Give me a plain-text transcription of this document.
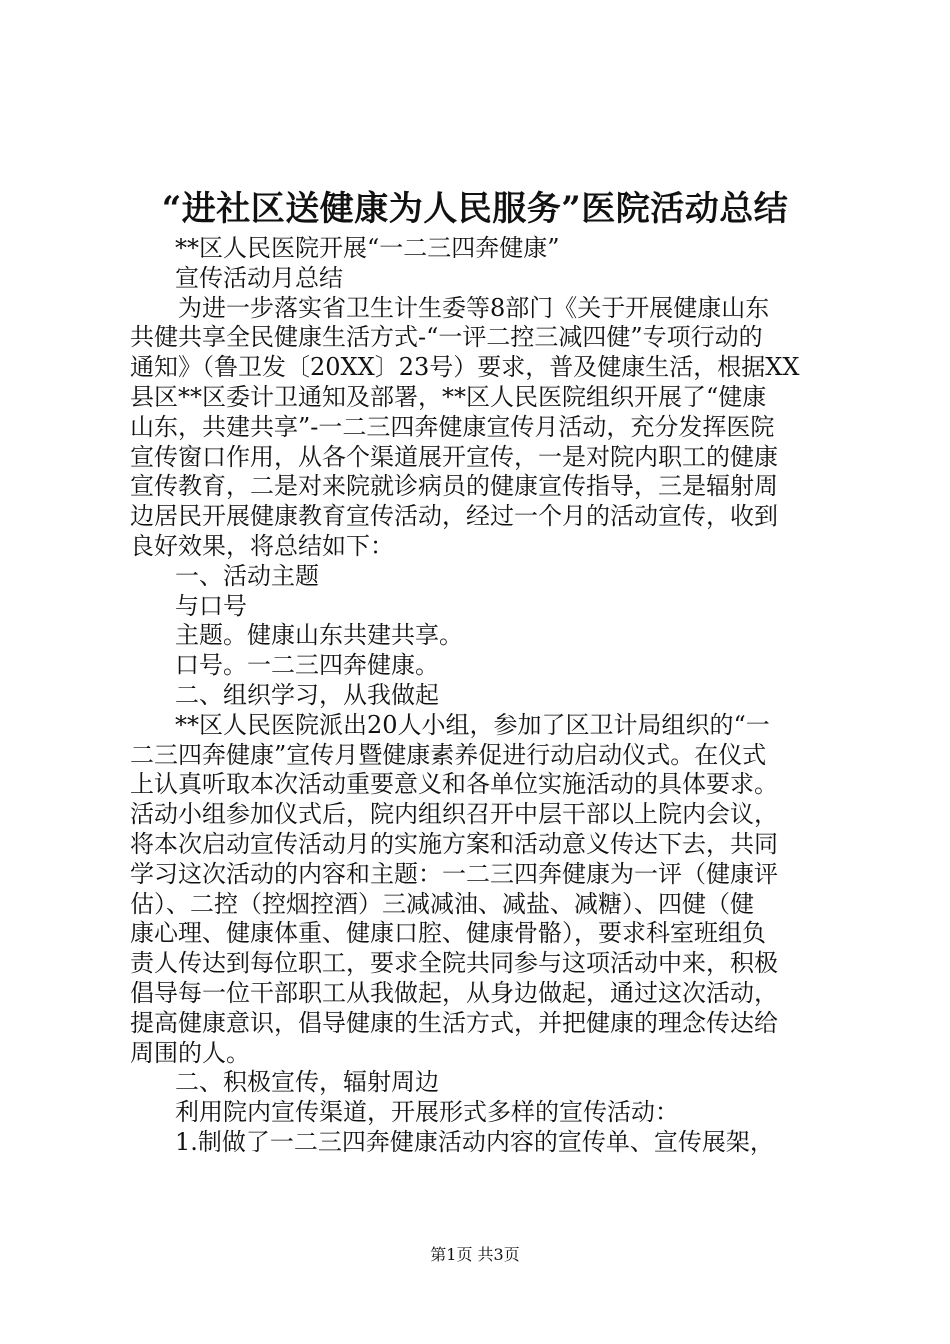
“进社区送健康为人民服务”医院活动总结
**区人民医院开展“一二三四奔健康”
宣传活动月总结
为进一步落实省卫生计生委等8部门《关于开展健康山东
共健共享全民健康生活方式-“一评二控三减四健”专项行动的
通知》（鲁卫发〔20XX〕23号）要求，普及健康生活，根据XX
县区**区委计卫通知及部署，**区人民医院组织开展了“健康
山东，共建共享”-一二三四奔健康宣传月活动，充分发挥医院
宣传窗口作用，从各个渠道展开宣传，一是对院内职工的健康
宣传教育，二是对来院就诊病员的健康宣传指导，三是辐射周
边居民开展健康教育宣传活动，经过一个月的活动宣传，收到
良好效果，将总结如下：
一、活动主题
与口号
主题。健康山东共建共享。
口号。一二三四奔健康。
二、组织学习，从我做起
**区人民医院派出20人小组，参加了区卫计局组织的“一
二三四奔健康”宣传月暨健康素养促进行动启动仪式。在仪式
上认真听取本次活动重要意义和各单位实施活动的具体要求。
活动小组参加仪式后，院内组织召开中层干部以上院内会议，
将本次启动宣传活动月的实施方案和活动意义传达下去，共同
学习这次活动的内容和主题：一二三四奔健康为一评（健康评
估）、二控（控烟控酒）三减减油、减盐、减糖）、四健（健
康心理、健康体重、健康口腔、健康骨骼），要求科室班组负
责人传达到每位职工，要求全院共同参与这项活动中来，积极
倡导每一位干部职工从我做起，从身边做起，通过这次活动，
提高健康意识，倡导健康的生活方式，并把健康的理念传达给
周围的人。
二、积极宣传，辐射周边
利用院内宣传渠道，开展形式多样的宣传活动：
1.制做了一二三四奔健康活动内容的宣传单、宣传展架，
第1页 共3页
